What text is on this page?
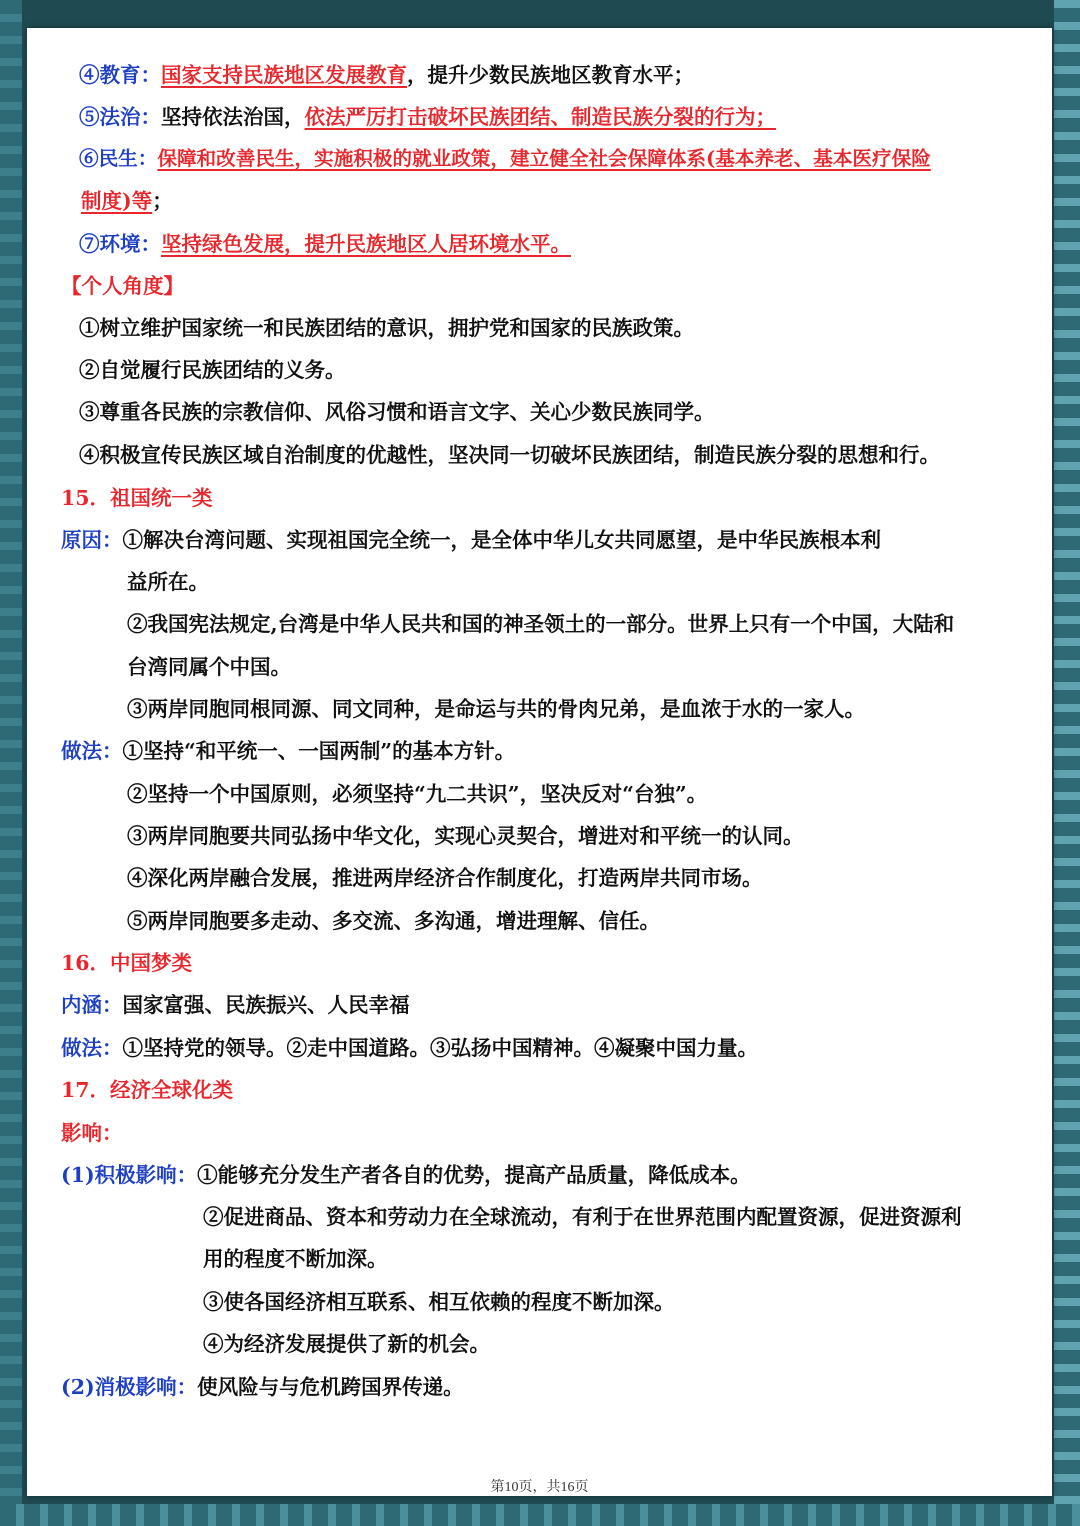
④教育：国家支持民族地区发展教育，提升少数民族地区教育水平；
⑤法治：坚持依法治国，依法严厉打击破坏民族团结、制造民族分裂的行为；
⑥民生：保障和改善民生，实施积极的就业政策，建立健全社会保障体系(基本养老、基本医疗保险
制度)等；
⑦环境：坚持绿色发展，提升民族地区人居环境水平。
【个人角度】
①树立维护国家统一和民族团结的意识，拥护党和国家的民族政策。
②自觉履行民族团结的义务。
③尊重各民族的宗教信仰、风俗习惯和语言文字、关心少数民族同学。
④积极宣传民族区域自治制度的优越性，坚决同一切破坏民族团结，制造民族分裂的思想和行。
15．祖国统一类
原因：①解决台湾问题、实现祖国完全统一，是全体中华儿女共同愿望，是中华民族根本利
益所在。
②我国宪法规定,台湾是中华人民共和国的神圣领土的一部分。世界上只有一个中国，大陆和
台湾同属个中国。
③两岸同胞同根同源、同文同种，是命运与共的骨肉兄弟，是血浓于水的一家人。
做法：①坚持“和平统一、一国两制”的基本方针。
②坚持一个中国原则，必须坚持“九二共识”，坚决反对“台独”。
③两岸同胞要共同弘扬中华文化，实现心灵契合，增进对和平统一的认同。
④深化两岸融合发展，推进两岸经济合作制度化，打造两岸共同市场。
⑤两岸同胞要多走动、多交流、多沟通，增进理解、信任。
16．中国梦类
内涵：国家富强、民族振兴、人民幸福
做法：①坚持党的领导。②走中国道路。③弘扬中国精神。④凝聚中国力量。
17．经济全球化类
影响：
(1)积极影响：①能够充分发生产者各自的优势，提高产品质量，降低成本。
②促进商品、资本和劳动力在全球流动，有利于在世界范围内配置资源，促进资源利
用的程度不断加深。
③使各国经济相互联系、相互依赖的程度不断加深。
④为经济发展提供了新的机会。
(2)消极影响：使风险与与危机跨国界传递。
第10页，共16页
